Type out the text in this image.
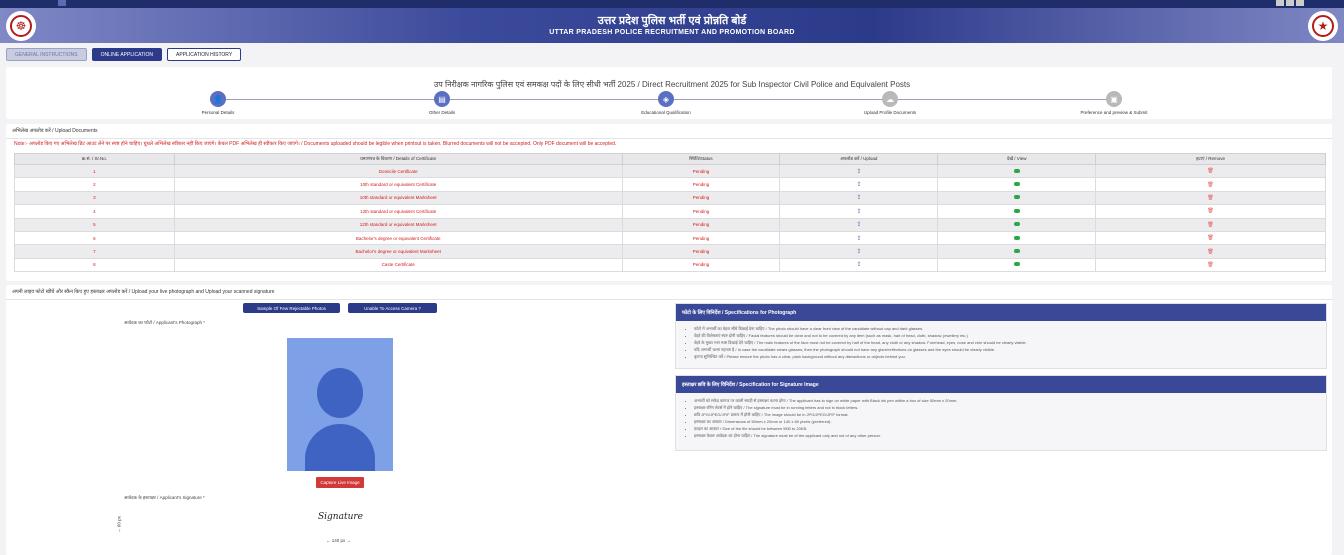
☸	उत्तर प्रदेश पुलिस भर्ती एवं प्रोन्नति बोर्ड
UTTAR PRADESH POLICE RECRUITMENT AND PROMOTION BOARD	★
GENERAL INSTRUCTIONS	ONLINE APPLICATION	APPLICATION HISTORY
उप निरीक्षक नागरिक पुलिस एवं समकक्ष पदों के लिए सीधी भर्ती 2025 / Direct Recruitment 2025 for Sub Inspector Civil Police and Equivalent Posts
👤
Personal Details
▤
Other Details
◈
Educational Qualification
☁
Upload Profile Documents
▣
Preference and preview & Submit
अभिलेख अपलोड करें / Upload Documents
Note:- अपलोड किए गए अभिलेख प्रिंट आउट लेने पर स्पष्ट होने चाहिए। धुंधले अभिलेख स्वीकार नहीं किए जाएंगे। केवल PDF अभिलेख ही स्वीकार किए जाएंगे। / Documents uploaded should be legible when printout is taken. Blurred documents will not be accepted. Only PDF document will be accepted.
क्र.सं. / Sr.No.	प्रमाणपत्र के विवरण / Details of Certificate	स्थिति/Status	अपलोड करें / Upload	देखें / View	हटाएं / Remove
1	Domicile Certificate	Pending	⇪		🗑
2	10th standard or equivalent Certificate	Pending	⇪		🗑
3	10th standard or equivalent Marksheet	Pending	⇪		🗑
4	12th standard or equivalent Certificate	Pending	⇪		🗑
5	12th standard or equivalent Marksheet	Pending	⇪		🗑
6	Bachelor's degree or equivalent Certificate	Pending	⇪		🗑
7	Bachelor's degree or equivalent Marksheet	Pending	⇪		🗑
8	Caste Certificate	Pending	⇪		🗑
अपनी लाइव फोटो खींचें और स्कैन किए हुए हस्ताक्षर अपलोड करें / Upload your live photograph and Upload your scanned signature
Sample Of Few Rejectable Photos	Unable To Access Camera ?
आवेदक का फोटो / Applicant's Photograph *
Capture Live Image
आवेदक के हस्ताक्षर / Applicant's Signature *
↔ 60 px	Signature
← 140 px →
फोटो के लिए विनिर्देश / Specifications for Photograph
• फोटो में अभ्यर्थी का चेहरा सीधे दिखाई देना चाहिए / The photo should have a clear front view of the candidate without cap and dark glasses.
• चेहरे की विशेषताएं स्पष्ट होनी चाहिए / Facial features should be clear and not to be covered by any item (such as mask, hair of head, cloth, shadow, jewellery etc.)
• चेहरे के मुख्य भाग स्पष्ट दिखाई देने चाहिए / The main features of the face must not be covered by half of the head, any cloth or any shadow. Forehead, eyes, nose and chin should be clearly visible.
• यदि अभ्यर्थी चश्मा पहनता है / In case the candidate wears glasses, then the photograph should not have any glare/reflections on glasses and the eyes should be clearly visible.
• कृपया सुनिश्चित करें / Please ensure the photo has a clear, plain background without any distractions or objects behind you.
हस्ताक्षर छवि के लिए विनिर्देश / Specification for Signature Image
• अभ्यर्थी को सफेद कागज पर काली स्याही से हस्ताक्षर करना होगा / The applicant has to sign on white paper with Black ink pen within a box of size 50mm x 20mm.
• हस्ताक्षर रनिंग लेटर्स में होने चाहिए / The signature must be in running letters and not in block letters.
• छवि JPG/JPEG/JFIF प्रारूप में होनी चाहिए / The image should be in JPG/JPEG/JFIF format.
• हस्ताक्षर का आकार / Dimensions of 50mm x 20mm or 140 x 60 pixels (preferred).
• फ़ाइल का आकार / Size of the file should be between 5KB to 20KB.
• हस्ताक्षर केवल आवेदक का होना चाहिए / The signature must be of the applicant only and not of any other person.
